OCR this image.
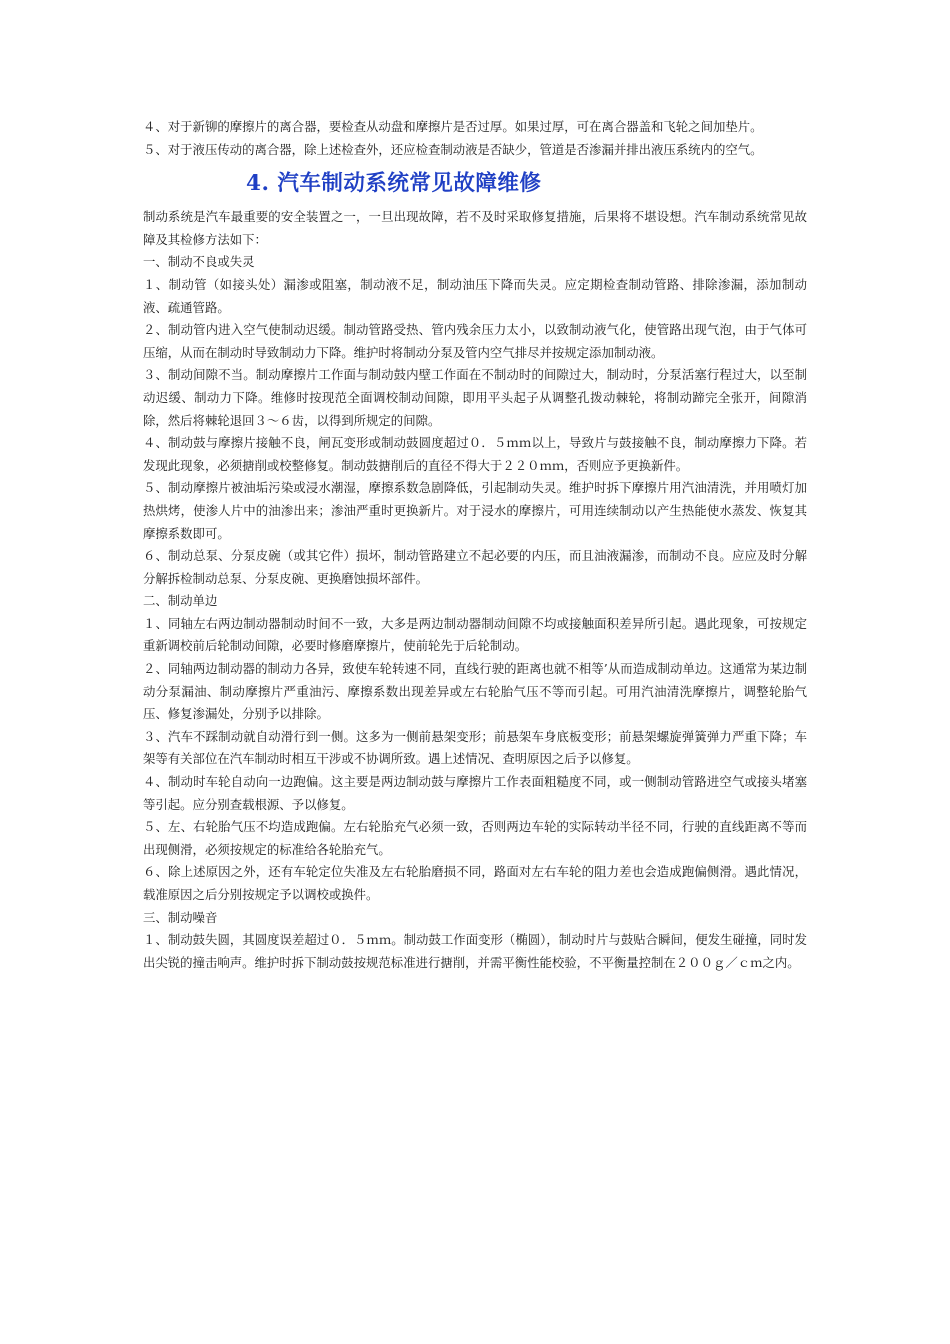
４、对于新铆的摩擦片的离合器，要检查从动盘和摩擦片是否过厚。如果过厚，可在离合器盖和飞轮之间加垫片。

５、对于液压传动的离合器，除上述检查外，还应检查制动液是否缺少，管道是否渗漏并排出液压系统内的空气。

4. 汽车制动系统常见故障维修

制动系统是汽车最重要的安全装置之一，一旦出现故障，若不及时采取修复措施，后果将不堪设想。汽车制动系统常见故障及其检修方法如下：

一、制动不良或失灵

１、制动管（如接头处）漏渗或阻塞，制动液不足，制动油压下降而失灵。应定期检查制动管路、排除渗漏，添加制动液、疏通管路。

２、制动管内进入空气使制动迟缓。制动管路受热、管内残余压力太小，以致制动液气化，使管路出现气泡，由于气体可压缩，从而在制动时导致制动力下降。维护时将制动分泵及管内空气排尽并按规定添加制动液。

３、制动间隙不当。制动摩擦片工作面与制动鼓内壁工作面在不制动时的间隙过大，制动时，分泵活塞行程过大，以至制动迟缓、制动力下降。维修时按现范全面调校制动间隙，即用平头起子从调整孔拨动棘轮，将制动蹄完全张开，间隙消除，然后将棘轮退回３～６齿，以得到所规定的间隙。

４、制动鼓与摩擦片接触不良，闸瓦变形或制动鼓圆度超过０．５ｍｍ以上，导致片与鼓接触不良，制动摩擦力下降。若发现此现象，必须搪削或校整修复。制动鼓搪削后的直径不得大于２２０ｍｍ，否则应予更换新件。

５、制动摩擦片被油垢污染或浸水潮湿，摩擦系数急剧降低，引起制动失灵。维护时拆下摩擦片用汽油清洗，并用喷灯加热烘烤，使渗人片中的油渗出来；渗油严重时更换新片。对于浸水的摩擦片，可用连续制动以产生热能使水蒸发、恢复其摩擦系数即可。

６、制动总泵、分泵皮碗（或其它件）损坏，制动管路建立不起必要的内压，而且油液漏渗，而制动不良。应应及时分解分解拆检制动总泵、分泵皮碗、更换磨蚀损坏部件。

二、制动单边

１、同轴左右两边制动器制动时间不一致，大多是两边制动器制动间隙不均或接触面积差异所引起。遇此现象，可按规定重新调校前后轮制动间隙，必要时修磨摩擦片，使前轮先于后轮制动。

２、同轴两边制动器的制动力各异，致使车轮转速不同，直线行驶的距离也就不相等’从而造成制动单边。这通常为某边制动分泵漏油、制动摩擦片严重油污、摩擦系数出现差异或左右轮胎气压不等而引起。可用汽油清洗摩擦片，调整轮胎气压、修复渗漏处，分别予以排除。

３、汽车不踩制动就自动滑行到一侧。这多为一侧前悬架变形；前悬架车身底板变形；前悬架螺旋弹簧弹力严重下降；车架等有关部位在汽车制动时相互干涉或不协调所致。遇上述情况、查明原因之后予以修复。

４、制动时车轮自动向一边跑偏。这主要是两边制动鼓与摩擦片工作表面粗糙度不同，或一侧制动管路进空气或接头堵塞等引起。应分别查载根源、予以修复。

５、左、右轮胎气压不均造成跑偏。左右轮胎充气必须一致，否则两边车轮的实际转动半径不同，行驶的直线距离不等而出现侧滑，必须按规定的标准给各轮胎充气。

６、除上述原因之外，还有车轮定位失准及左右轮胎磨损不同，路面对左右车轮的阻力差也会造成跑偏侧滑。遇此情况，载准原因之后分别按规定予以调校或换件。

三、制动噪音

１、制动鼓失圆，其圆度误差超过０．５ｍｍ。制动鼓工作面变形（椭圆），制动时片与鼓贴合瞬间，便发生碰撞，同时发出尖锐的撞击响声。维护时拆下制动鼓按规范标准进行搪削，并需平衡性能校验，不平衡量控制在２００ｇ／ｃｍ之内。
